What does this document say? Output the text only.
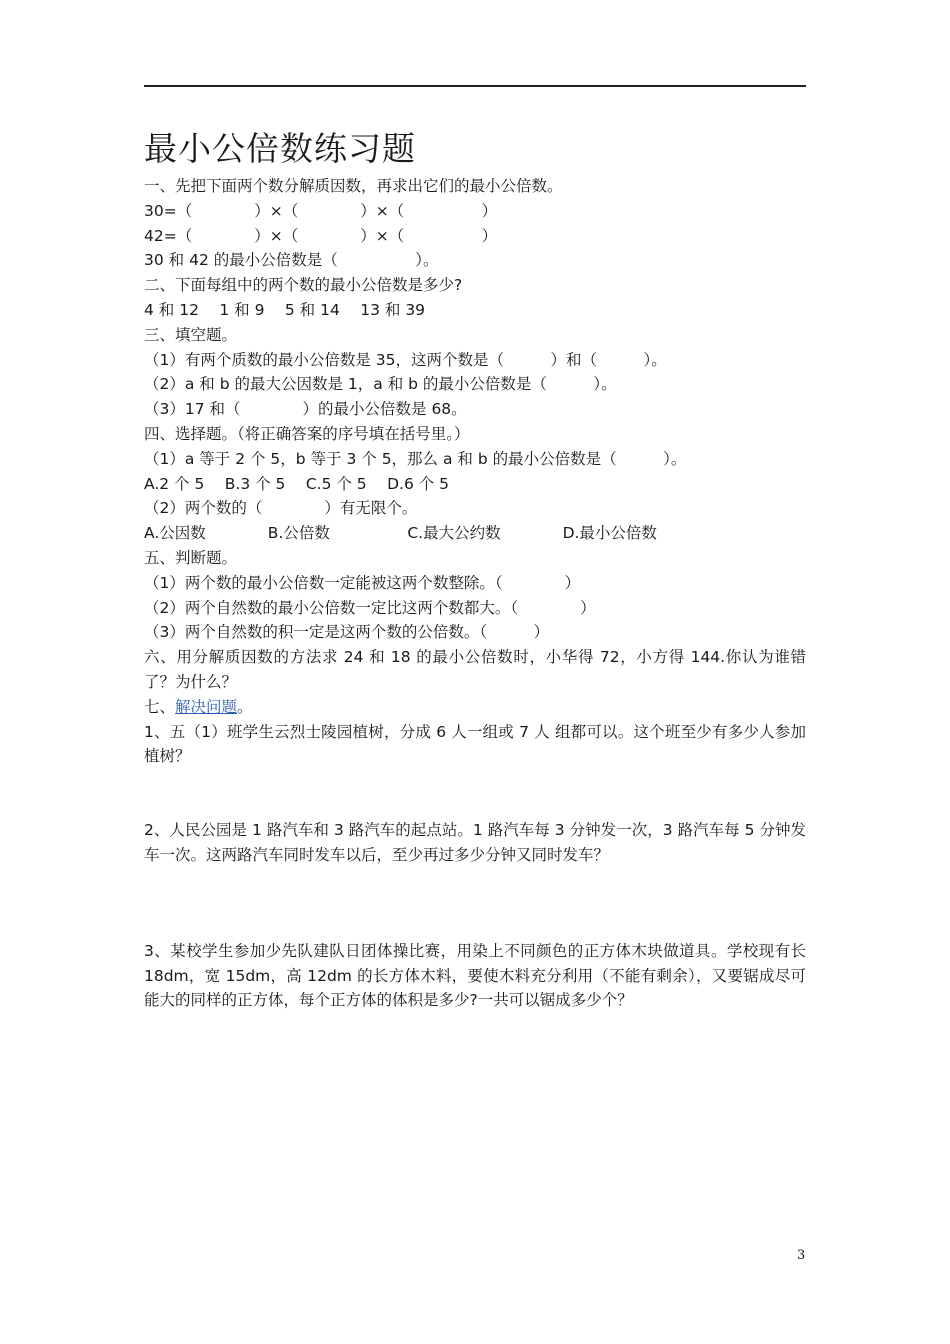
最小公倍数练习题
一、先把下面两个数分解质因数，再求出它们的最小公倍数。
30=（　　　　）×（　　　　）×（　　　　　）
42=（　　　　）×（　　　　）×（　　　　　）
30 和 42 的最小公倍数是（　　　　　）。
二、下面每组中的两个数的最小公倍数是多少?
4 和 12　 1 和 9　 5 和 14　 13 和 39
三、填空题。
（1）有两个质数的最小公倍数是 35，这两个数是（　　　）和（　　　）。
（2）a 和 b 的最大公因数是 1，a 和 b 的最小公倍数是（　　　）。
（3）17 和（　　　　）的最小公倍数是 68。
四、选择题。（将正确答案的序号填在括号里。）
（1）a 等于 2 个 5，b 等于 3 个 5，那么 a 和 b 的最小公倍数是（　　　）。
A.2 个 5　 B.3 个 5　 C.5 个 5　 D.6 个 5
（2）两个数的（　　　　）有无限个。
A.公因数　　　　B.公倍数　　　　　C.最大公约数　　　　D.最小公倍数
五、判断题。
（1）两个数的最小公倍数一定能被这两个数整除。（　　　　）
（2）两个自然数的最小公倍数一定比这两个数都大。（　　　　）
（3）两个自然数的积一定是这两个数的公倍数。（　　　）
六、用分解质因数的方法求 24 和 18 的最小公倍数时，小华得 72，小方得 144.你认为谁错了？为什么？
七、解决问题。
1、五（1）班学生云烈士陵园植树，分成 6 人一组或 7 人 组都可以。这个班至少有多少人参加植树？
2、人民公园是 1 路汽车和 3 路汽车的起点站。1 路汽车每 3 分钟发一次，3 路汽车每 5 分钟发车一次。这两路汽车同时发车以后，至少再过多少分钟又同时发车？
3、某校学生参加少先队建队日团体操比赛，用染上不同颜色的正方体木块做道具。学校现有长 18dm，宽 15dm，高 12dm 的长方体木料，要使木料充分利用（不能有剩余），又要锯成尽可能大的同样的正方体，每个正方体的体积是多少?一共可以锯成多少个？
3
